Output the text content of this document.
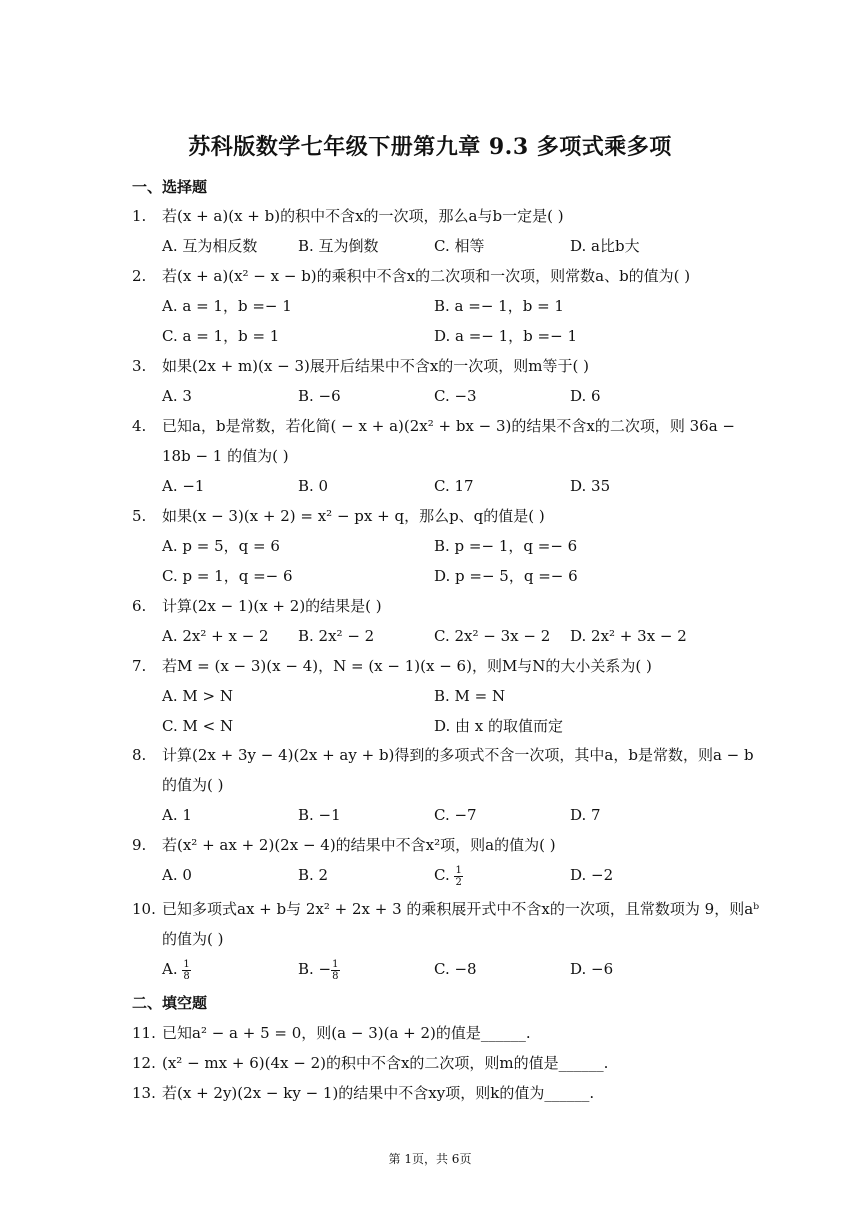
苏科版数学七年级下册第九章 9.3 多项式乘多项
一、选择题
1.	若(x + a)(x + b)的积中不含x的一次项，那么a与b一定是( )
A. 互为相反数	B. 互为倒数	C. 相等	D. a比b大
2.	若(x + a)(x² − x − b)的乘积中不含x的二次项和一次项，则常数a、b的值为( )
A. a = 1，b =− 1	B. a =− 1，b = 1
C. a = 1，b = 1	D. a =− 1，b =− 1
3.	如果(2x + m)(x − 3)展开后结果中不含x的一次项，则m等于( )
A. 3	B. −6	C. −3	D. 6
4.	已知a，b是常数，若化简( − x + a)(2x² + bx − 3)的结果不含x的二次项，则 36a −
18b − 1 的值为( )
A. −1	B. 0	C. 17	D. 35
5.	如果(x − 3)(x + 2) = x² − px + q，那么p、q的值是( )
A. p = 5，q = 6	B. p =− 1，q =− 6
C. p = 1，q =− 6	D. p =− 5，q =− 6
6.	计算(2x − 1)(x + 2)的结果是( )
A. 2x² + x − 2 B. 2x² − 2	C. 2x² − 3x − 2 D. 2x² + 3x − 2
7.	若M = (x − 3)(x − 4)，N = (x − 1)(x − 6)，则M与N的大小关系为( )
A. M > N	B. M = N
C. M < N	D. 由 x 的取值而定
8.	计算(2x + 3y − 4)(2x + ay + b)得到的多项式不含一次项，其中a，b是常数，则a − b
的值为( )
A. 1	B. −1	C. −7	D. 7
9.	若(x² + ax + 2)(2x − 4)的结果中不含x²项，则a的值为( )
A. 0	B. 2	C. $\frac{1}{2}$	D. −2
10. 已知多项式ax + b与 2x² + 2x + 3 的乘积展开式中不含x的一次项，且常数项为 9，则aᵇ
的值为( )
A. $\frac{1}{8}$	B. − $\frac{1}{8}$	C. −8	D. −6
二、填空题
11. 已知a² − a + 5 = 0，则(a − 3)(a + 2)的值是______.
12. (x² − mx + 6)(4x − 2)的积中不含x的二次项，则m的值是______.
13. 若(x + 2y)(2x − ky − 1)的结果中不含xy项，则k的值为______.
第 1页，共 6页
